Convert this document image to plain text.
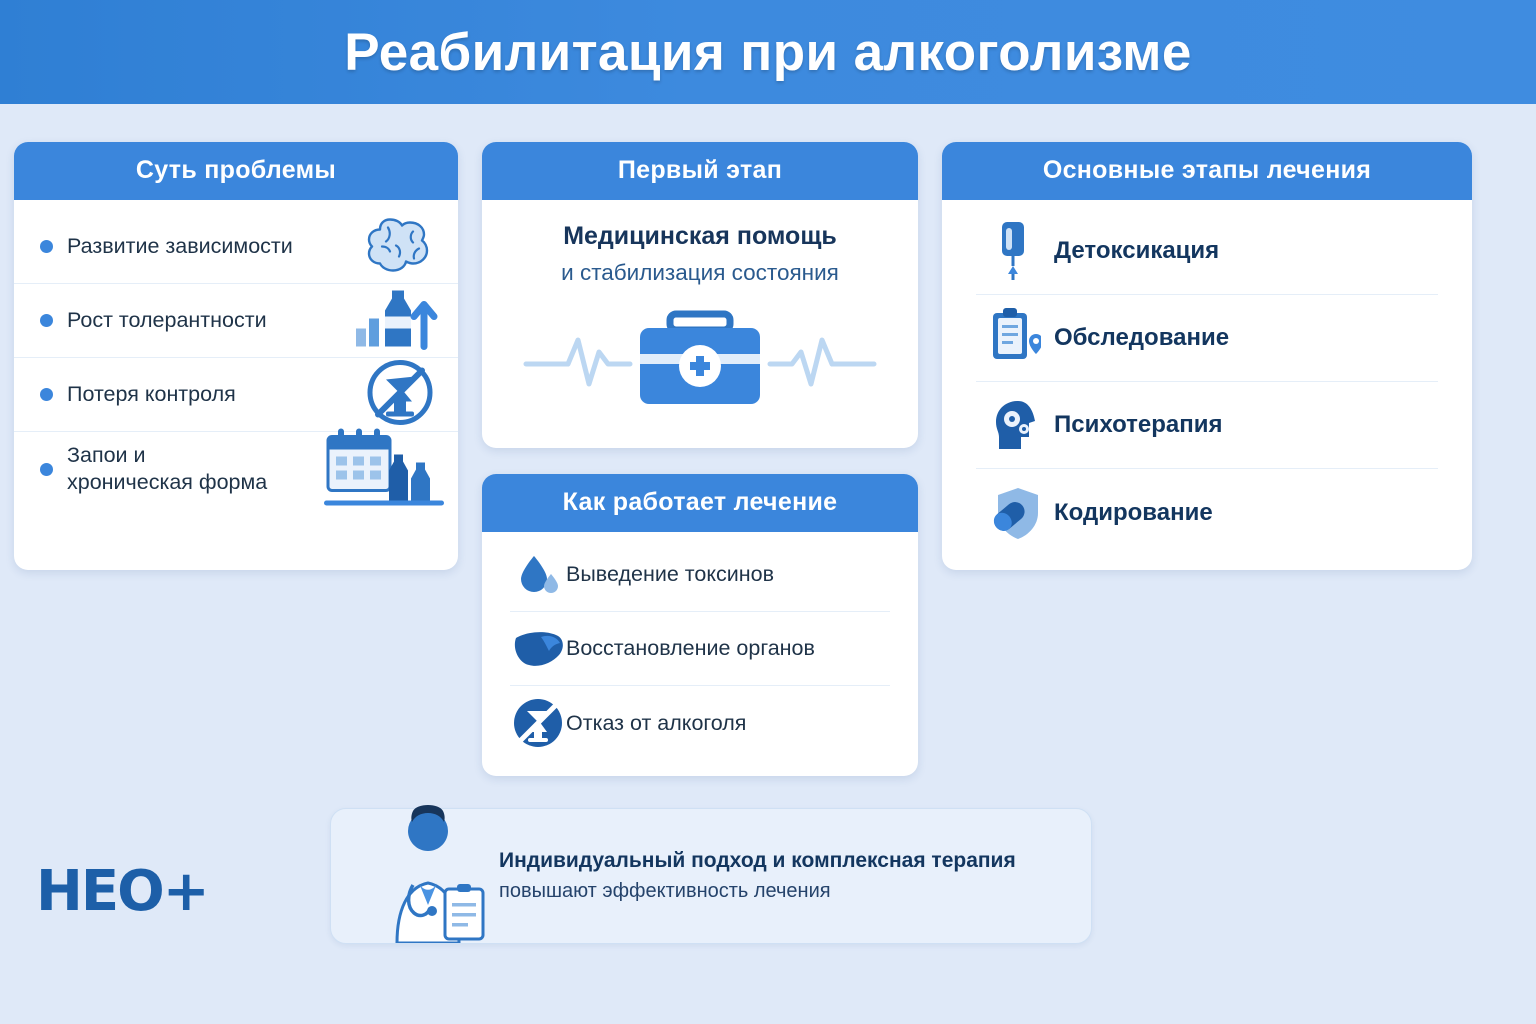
Реабилитация при алкоголизме
Суть проблемы
Развитие зависимости
Рост толерантности
Потеря контроля
Запои и
хроническая форма
Первый этап
Медицинская помощь
и стабилизация состояния
Как работает лечение
Выведение токсинов
Восстановление органов
Отказ от алкоголя
Основные этапы лечения
Детоксикация
Обследование
Психотерапия
Кодирование
Индивидуальный подход и комплексная терапия
повышают эффективность лечения
НЕО+
